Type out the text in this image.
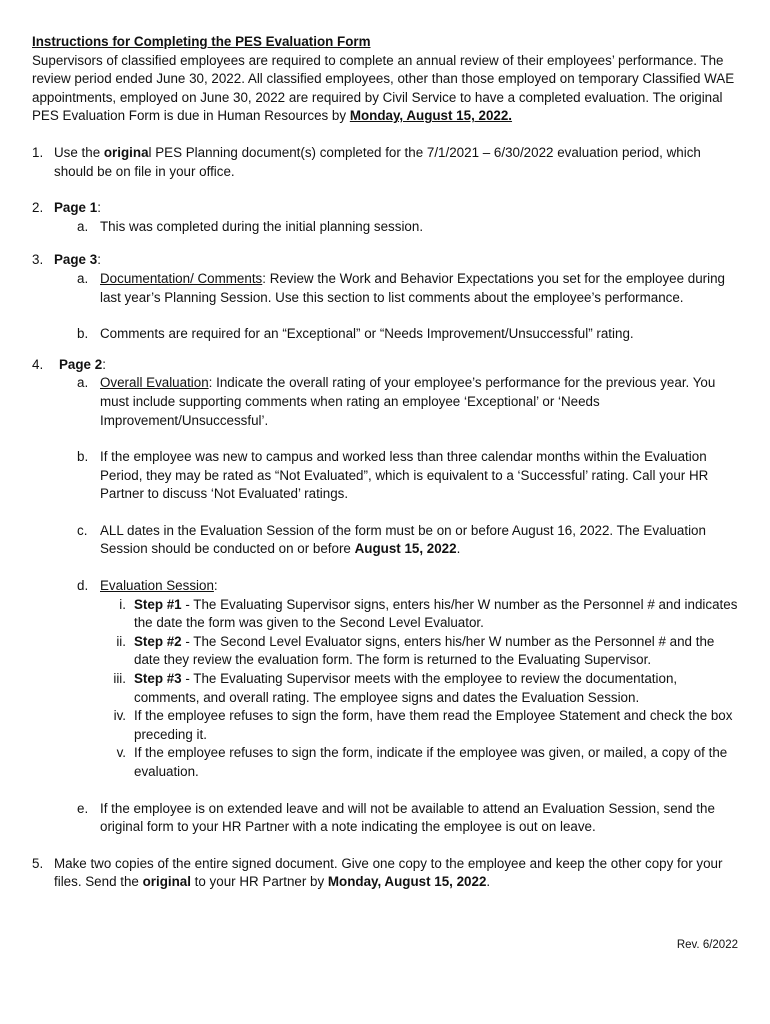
Instructions for Completing the PES Evaluation Form

Supervisors of classified employees are required to complete an annual review of their employees’ performance. The review period ended June 30, 2022. All classified employees, other than those employed on temporary Classified WAE appointments, employed on June 30, 2022 are required by Civil Service to have a completed evaluation. The original PES Evaluation Form is due in Human Resources by Monday, August 15, 2022.

1. Use the original PES Planning document(s) completed for the 7/1/2021 – 6/30/2022 evaluation period, which should be on file in your office.
2. Page 1:
a. This was completed during the initial planning session.
3. Page 3:
a. Documentation/ Comments: Review the Work and Behavior Expectations you set for the employee during last year’s Planning Session. Use this section to list comments about the employee’s performance.
b. Comments are required for an “Exceptional” or “Needs Improvement/Unsuccessful” rating.
4.	Page 2:
a. Overall Evaluation: Indicate the overall rating of your employee’s performance for the previous year. You must include supporting comments when rating an employee ‘Exceptional’ or ‘Needs Improvement/Unsuccessful’.
b. If the employee was new to campus and worked less than three calendar months within the Evaluation Period, they may be rated as “Not Evaluated”, which is equivalent to a ‘Successful’ rating. Call your HR Partner to discuss ‘Not Evaluated’ ratings.
c. ALL dates in the Evaluation Session of the form must be on or before August 16, 2022. The Evaluation Session should be conducted on or before August 15, 2022.
d. Evaluation Session:
i. Step #1 - The Evaluating Supervisor signs, enters his/her W number as the Personnel # and indicates the date the form was given to the Second Level Evaluator.
ii. Step #2 - The Second Level Evaluator signs, enters his/her W number as the Personnel # and the date they review the evaluation form. The form is returned to the Evaluating Supervisor.
iii. Step #3 - The Evaluating Supervisor meets with the employee to review the documentation, comments, and overall rating. The employee signs and dates the Evaluation Session.
iv. If the employee refuses to sign the form, have them read the Employee Statement and check the box preceding it.
v. If the employee refuses to sign the form, indicate if the employee was given, or mailed, a copy of the evaluation.
e. If the employee is on extended leave and will not be available to attend an Evaluation Session, send the original form to your HR Partner with a note indicating the employee is out on leave.
5. Make two copies of the entire signed document. Give one copy to the employee and keep the other copy for your files. Send the original to your HR Partner by Monday, August 15, 2022.
Rev. 6/2022
